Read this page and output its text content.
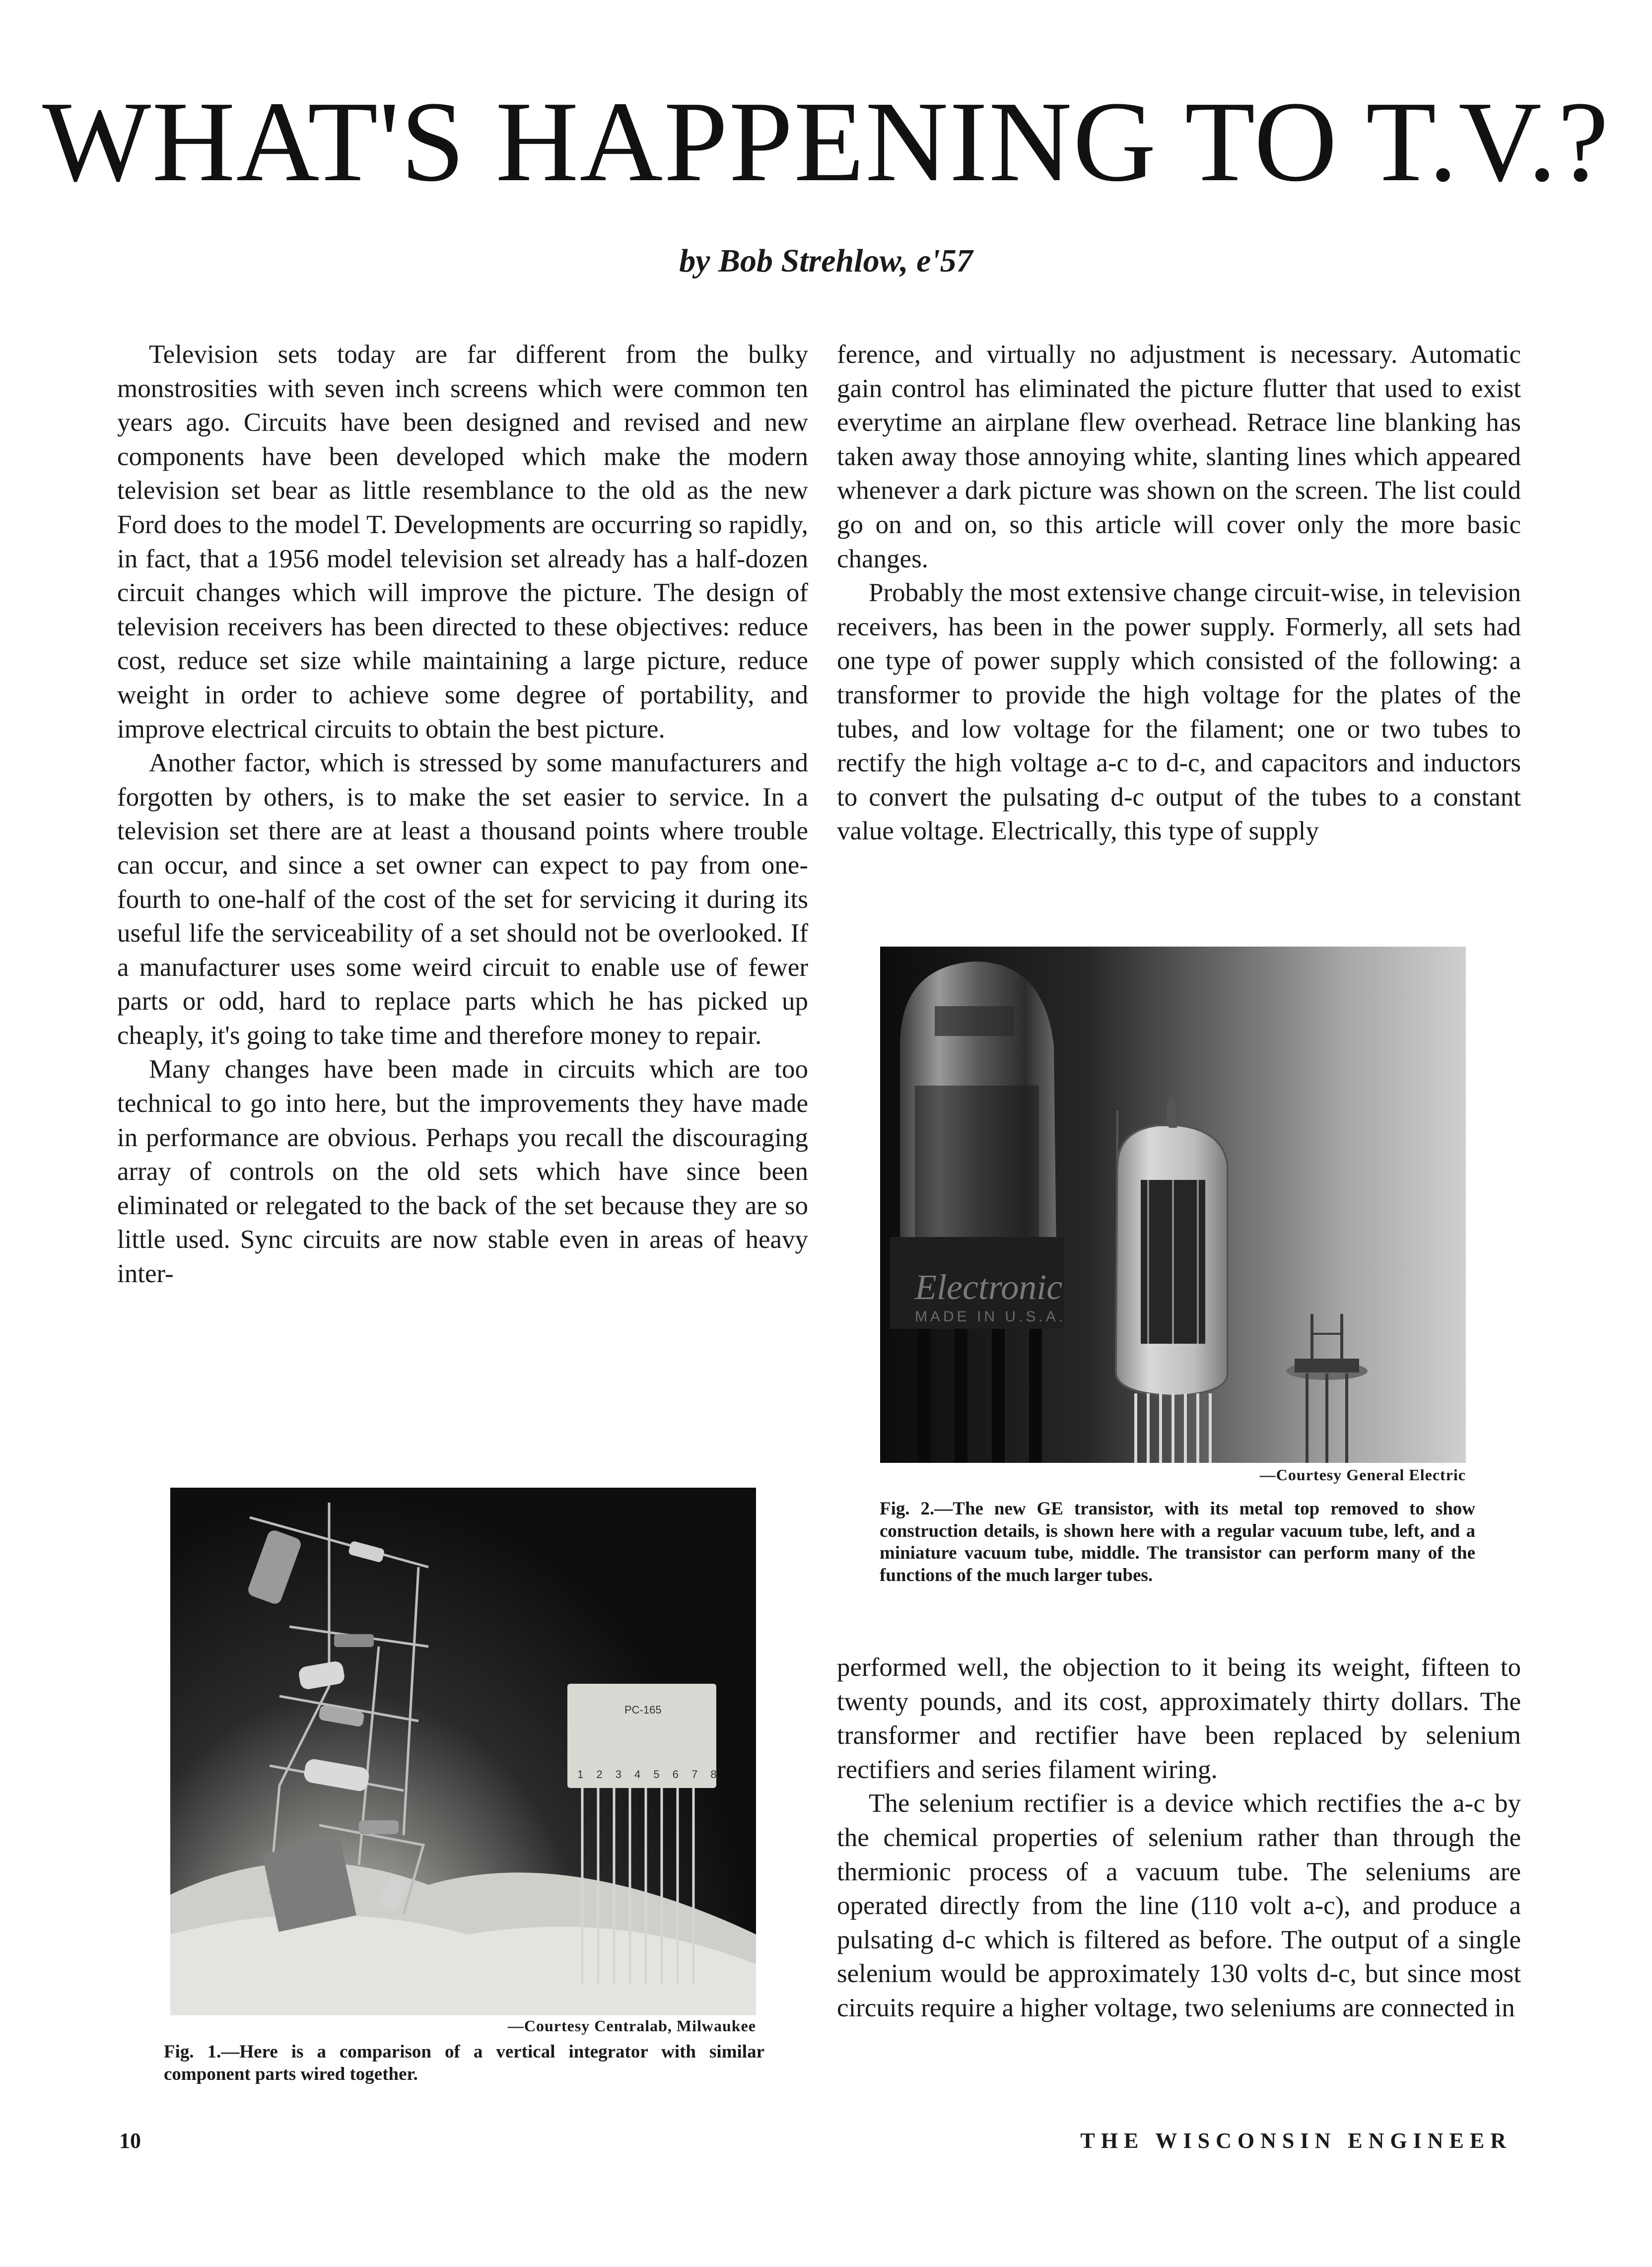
WHAT'S HAPPENING TO T.V.?
by Bob Strehlow, e'57

Television sets today are far different from the bulky monstrosities with seven inch screens which were common ten years ago. Circuits have been designed and revised and new components have been developed which make the modern television set bear as little resemblance to the old as the new Ford does to the model T. Developments are occurring so rapidly, in fact, that a 1956 model television set already has a half-dozen circuit changes which will improve the picture. The design of television receivers has been directed to these objectives: reduce cost, reduce set size while maintaining a large picture, reduce weight in order to achieve some degree of portability, and improve electrical circuits to obtain the best picture.

Another factor, which is stressed by some manufacturers and forgotten by others, is to make the set easier to service. In a television set there are at least a thousand points where trouble can occur, and since a set owner can expect to pay from one-fourth to one-half of the cost of the set for servicing it during its useful life the serviceability of a set should not be overlooked. If a manufacturer uses some weird circuit to enable use of fewer parts or odd, hard to replace parts which he has picked up cheaply, it's going to take time and therefore money to repair.

Many changes have been made in circuits which are too technical to go into here, but the improvements they have made in performance are obvious. Perhaps you recall the discouraging array of controls on the old sets which have since been eliminated or relegated to the back of the set because they are so little used. Sync circuits are now stable even in areas of heavy inter-

ference, and virtually no adjustment is necessary. Automatic gain control has eliminated the picture flutter that used to exist everytime an airplane flew overhead. Retrace line blanking has taken away those annoying white, slanting lines which appeared whenever a dark picture was shown on the screen. The list could go on and on, so this article will cover only the more basic changes.

Probably the most extensive change circuit-wise, in television receivers, has been in the power supply. Formerly, all sets had one type of power supply which consisted of the following: a transformer to provide the high voltage for the plates of the tubes, and low voltage for the filament; one or two tubes to rectify the high voltage a-c to d-c, and capacitors and inductors to convert the pulsating d-c output of the tubes to a constant value voltage. Electrically, this type of supply

performed well, the objection to it being its weight, fifteen to twenty pounds, and its cost, approximately thirty dollars. The transformer and rectifier have been replaced by selenium rectifiers and series filament wiring.

The selenium rectifier is a device which rectifies the a-c by the chemical properties of selenium rather than through the thermionic process of a vacuum tube. The seleniums are operated directly from the line (110 volt a-c), and produce a pulsating d-c which is filtered as before. The output of a single selenium would be approximately 130 volts d-c, but since most circuits require a higher voltage, two seleniums are connected in

Electronic
MADE IN U.S.A.
—Courtesy General Electric
Fig. 2.—The new GE transistor, with its metal top removed to show construction details, is shown here with a regular vacuum tube, left, and a miniature vacuum tube, middle. The transistor can perform many of the functions of the much larger tubes.
PC-165
1 2 3 4 5 6 7 8
—Courtesy Centralab, Milwaukee
Fig. 1.—Here is a comparison of a vertical integrator with similar component parts wired together.
10	THE WISCONSIN ENGINEER
